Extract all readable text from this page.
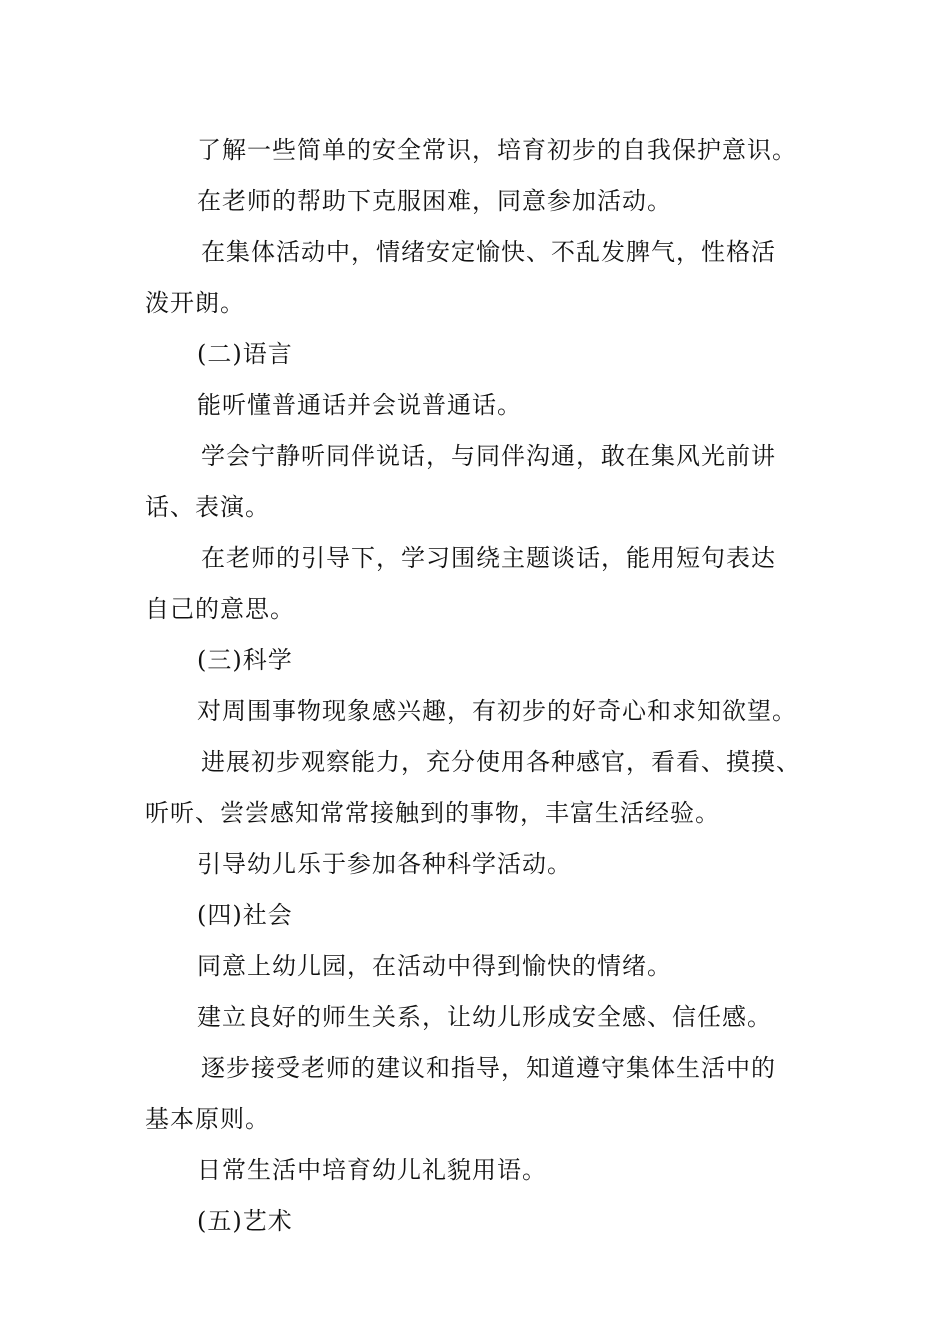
了解一些简单的安全常识，培育初步的自我保护意识。
在老师的帮助下克服困难，同意参加活动。
在集体活动中，情绪安定愉快、不乱发脾气，性格活
泼开朗。
(二)语言
能听懂普通话并会说普通话。
学会宁静听同伴说话，与同伴沟通，敢在集风光前讲
话、表演。
在老师的引导下，学习围绕主题谈话，能用短句表达
自己的意思。
(三)科学
对周围事物现象感兴趣，有初步的好奇心和求知欲望。
进展初步观察能力，充分使用各种感官，看看、摸摸、
听听、尝尝感知常常接触到的事物，丰富生活经验。
引导幼儿乐于参加各种科学活动。
(四)社会
同意上幼儿园，在活动中得到愉快的情绪。
建立良好的师生关系，让幼儿形成安全感、信任感。
逐步接受老师的建议和指导，知道遵守集体生活中的
基本原则。
日常生活中培育幼儿礼貌用语。
(五)艺术
